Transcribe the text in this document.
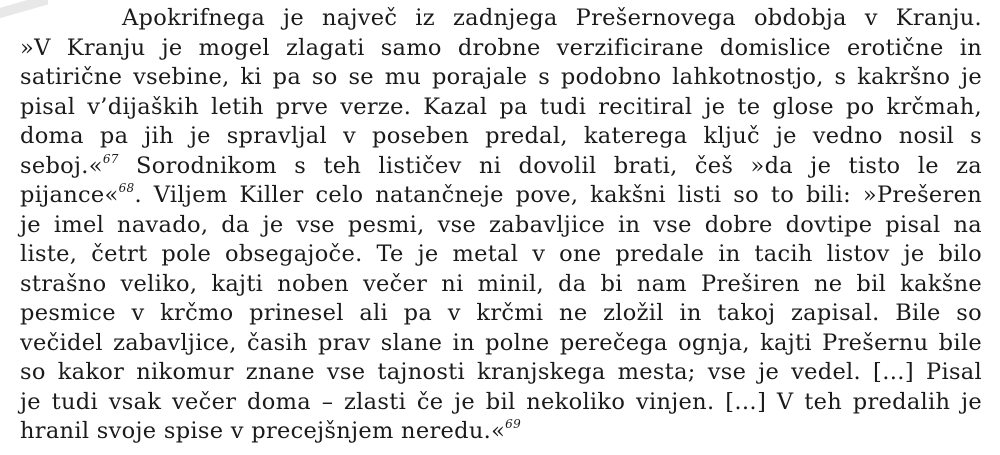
Apokrifnega je največ iz zadnjega Prešernovega obdobja v Kranju.
»V Kranju je mogel zlagati samo drobne verzificirane domislice erotične in
satirične vsebine, ki pa so se mu porajale s podobno lahkotnostjo, s kakršno je
pisal v’dijaških letih prve verze. Kazal pa tudi recitiral je te glose po krčmah,
doma pa jih je spravljal v poseben predal, katerega ključ je vedno nosil s
seboj.«$^{67}$ Sorodnikom s teh lističev ni dovolil brati, češ »da je tisto le za
pijance«$^{68}$. Viljem Killer celo natančneje pove, kakšni listi so to bili: »Prešeren
je imel navado, da je vse pesmi, vse zabavljice in vse dobre dovtipe pisal na
liste, četrt pole obsegajoče. Te je metal v one predale in tacih listov je bilo
strašno veliko, kajti noben večer ni minil, da bi nam Preširen ne bil kakšne
pesmice v krčmo prinesel ali pa v krčmi ne zložil in takoj zapisal. Bile so
večidel zabavljice, časih prav slane in polne perečega ognja, kajti Prešernu bile
so kakor nikomur znane vse tajnosti kranjskega mesta; vse je vedel. […] Pisal
je tudi vsak večer doma – zlasti če je bil nekoliko vinjen. […] V teh predalih je
hranil svoje spise v precejšnjem neredu.«$^{69}$
